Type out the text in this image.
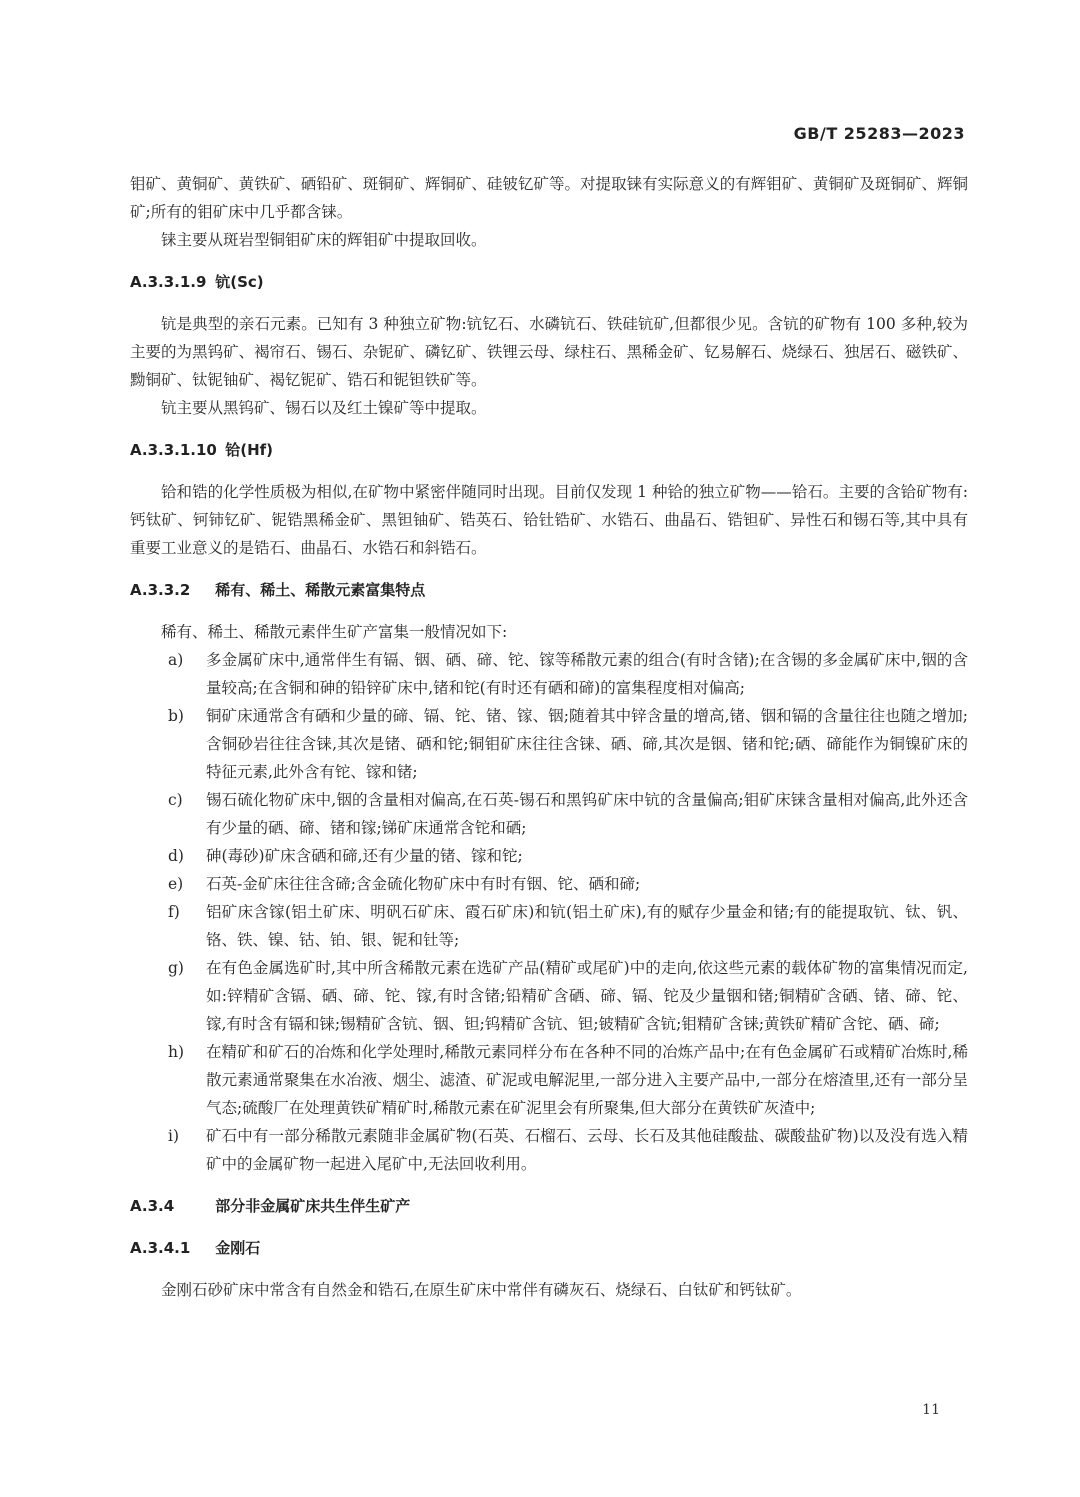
GB/T 25283—2023

钼矿、黄铜矿、黄铁矿、硒铅矿、斑铜矿、辉铜矿、硅铍钇矿等。对提取铼有实际意义的有辉钼矿、黄铜矿及斑铜矿、辉铜矿;所有的钼矿床中几乎都含铼。

铼主要从斑岩型铜钼矿床的辉钼矿中提取回收。

A.3.3.1.9 钪(Sc)

钪是典型的亲石元素。已知有 3 种独立矿物:钪钇石、水磷钪石、铁硅钪矿,但都很少见。含钪的矿物有 100 多种,较为主要的为黑钨矿、褐帘石、锡石、杂铌矿、磷钇矿、铁锂云母、绿柱石、黑稀金矿、钇易解石、烧绿石、独居石、磁铁矿、黝铜矿、钛铌铀矿、褐钇铌矿、锆石和铌钽铁矿等。

钪主要从黑钨矿、锡石以及红土镍矿等中提取。

A.3.3.1.10 铪(Hf)

铪和锆的化学性质极为相似,在矿物中紧密伴随同时出现。目前仅发现 1 种铪的独立矿物——铪石。主要的含铪矿物有:钙钛矿、钶铈钇矿、铌锆黑稀金矿、黑钽铀矿、锆英石、铪钍锆矿、水锆石、曲晶石、锆钽矿、异性石和锡石等,其中具有重要工业意义的是锆石、曲晶石、水锆石和斜锆石。

A.3.3.2 稀有、稀土、稀散元素富集特点

稀有、稀土、稀散元素伴生矿产富集一般情况如下:

a)	多金属矿床中,通常伴生有镉、铟、硒、碲、铊、镓等稀散元素的组合(有时含锗);在含锡的多金属矿床中,铟的含量较高;在含铜和砷的铅锌矿床中,锗和铊(有时还有硒和碲)的富集程度相对偏高;
b)	铜矿床通常含有硒和少量的碲、镉、铊、锗、镓、铟;随着其中锌含量的增高,锗、铟和镉的含量往往也随之增加;含铜砂岩往往含铼,其次是锗、硒和铊;铜钼矿床往往含铼、硒、碲,其次是铟、锗和铊;硒、碲能作为铜镍矿床的特征元素,此外含有铊、镓和锗;
c)	锡石硫化物矿床中,铟的含量相对偏高,在石英-锡石和黑钨矿床中钪的含量偏高;钼矿床铼含量相对偏高,此外还含有少量的硒、碲、锗和镓;锑矿床通常含铊和硒;
d)	砷(毒砂)矿床含硒和碲,还有少量的锗、镓和铊;
e)	石英-金矿床往往含碲;含金硫化物矿床中有时有铟、铊、硒和碲;
f)	铝矿床含镓(铝土矿床、明矾石矿床、霞石矿床)和钪(铝土矿床),有的赋存少量金和锗;有的能提取钪、钛、钒、铬、铁、镍、钴、铂、银、铌和钍等;
g)	在有色金属选矿时,其中所含稀散元素在选矿产品(精矿或尾矿)中的走向,依这些元素的载体矿物的富集情况而定,如:锌精矿含镉、硒、碲、铊、镓,有时含锗;铅精矿含硒、碲、镉、铊及少量铟和锗;铜精矿含硒、锗、碲、铊、镓,有时含有镉和铼;锡精矿含钪、铟、钽;钨精矿含钪、钽;铍精矿含钪;钼精矿含铼;黄铁矿精矿含铊、硒、碲;
h)	在精矿和矿石的冶炼和化学处理时,稀散元素同样分布在各种不同的冶炼产品中;在有色金属矿石或精矿冶炼时,稀散元素通常聚集在水冶液、烟尘、滤渣、矿泥或电解泥里,一部分进入主要产品中,一部分在熔渣里,还有一部分呈气态;硫酸厂在处理黄铁矿精矿时,稀散元素在矿泥里会有所聚集,但大部分在黄铁矿灰渣中;
i)	矿石中有一部分稀散元素随非金属矿物(石英、石榴石、云母、长石及其他硅酸盐、碳酸盐矿物)以及没有选入精矿中的金属矿物一起进入尾矿中,无法回收利用。
A.3.4	部分非金属矿床共生伴生矿产
A.3.4.1 金刚石

金刚石砂矿床中常含有自然金和锆石,在原生矿床中常伴有磷灰石、烧绿石、白钛矿和钙钛矿。

11
